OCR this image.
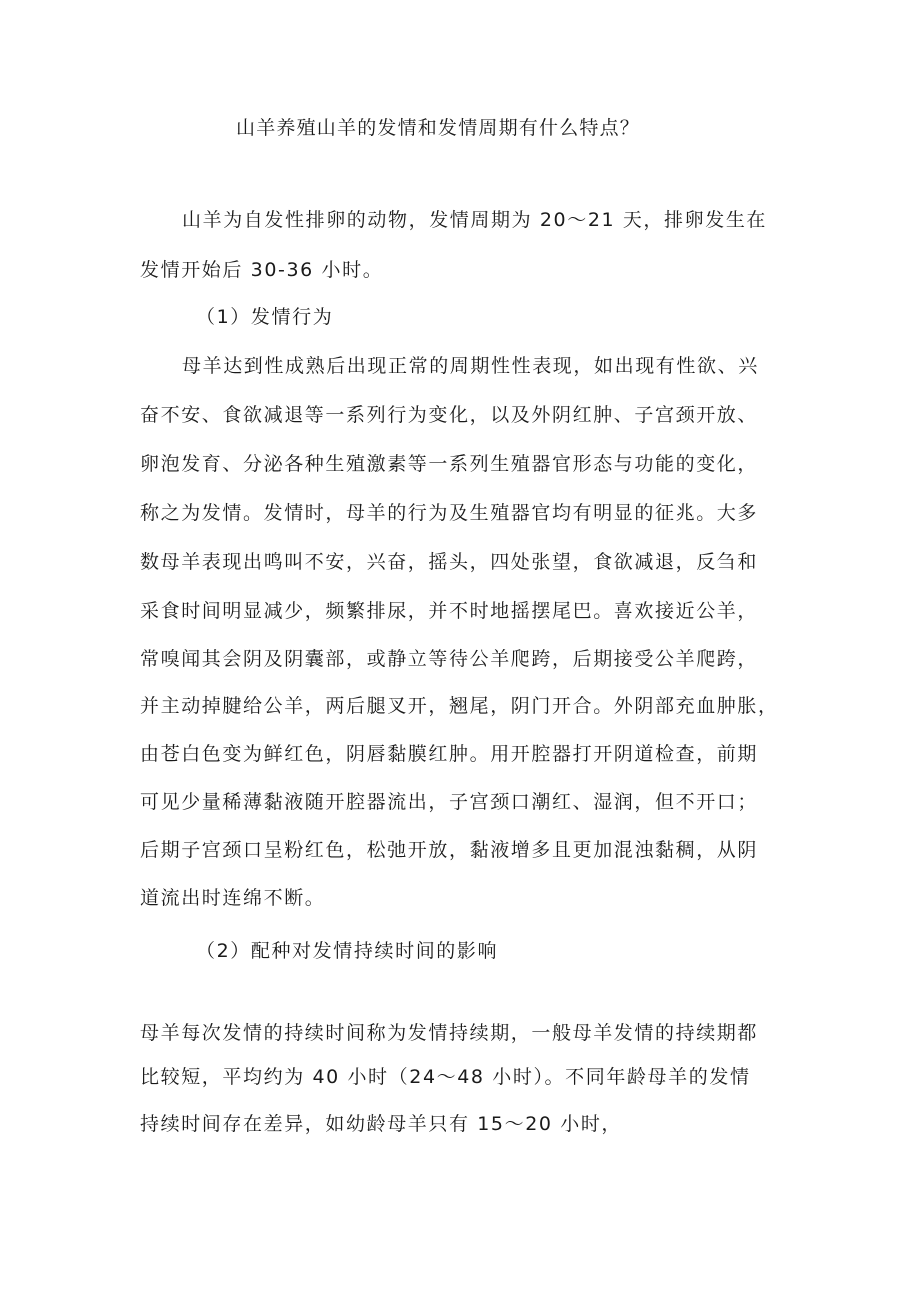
山羊养殖山羊的发情和发情周期有什么特点？
山羊为自发性排卵的动物，发情周期为 20～21 天，排卵发生在
发情开始后 30-36 小时。
（1）发情行为
母羊达到性成熟后出现正常的周期性性表现，如出现有性欲、兴
奋不安、食欲减退等一系列行为变化，以及外阴红肿、子宫颈开放、
卵泡发育、分泌各种生殖激素等一系列生殖器官形态与功能的变化，
称之为发情。发情时，母羊的行为及生殖器官均有明显的征兆。大多
数母羊表现出鸣叫不安，兴奋，摇头，四处张望，食欲减退，反刍和
采食时间明显减少，频繁排尿，并不时地摇摆尾巴。喜欢接近公羊，
常嗅闻其会阴及阴囊部，或静立等待公羊爬跨，后期接受公羊爬跨，
并主动掉腱给公羊，两后腿叉开，翘尾，阴门开合。外阴部充血肿胀，
由苍白色变为鲜红色，阴唇黏膜红肿。用开腔器打开阴道检查，前期
可见少量稀薄黏液随开腔器流出，子宫颈口潮红、湿润，但不开口；
后期子宫颈口呈粉红色，松弛开放，黏液增多且更加混浊黏稠，从阴
道流出时连绵不断。
（2）配种对发情持续时间的影响
母羊每次发情的持续时间称为发情持续期，一般母羊发情的持续期都
比较短，平均约为 40 小时（24～48 小时）。不同年龄母羊的发情
持续时间存在差异，如幼龄母羊只有 15～20 小时，
